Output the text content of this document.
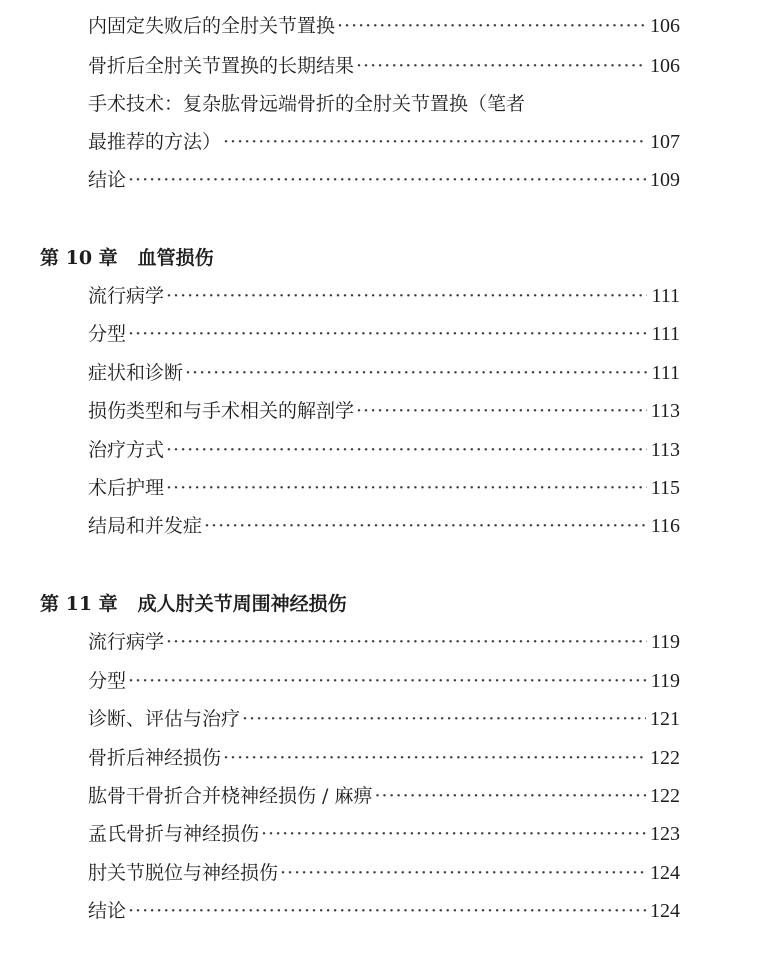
内固定失败后的全肘关节置换 ·····	106
骨折后全肘关节置换的长期结果 ·····	106
手术技术：复杂肱骨远端骨折的全肘关节置换（笔者
最推荐的方法） ·····	107
结论 ·····	109
第 10 章 血管损伤
流行病学 ·····	111
分型 ·····	111
症状和诊断 ·····	111
损伤类型和与手术相关的解剖学 ·····	113
治疗方式 ·····	113
术后护理 ·····	115
结局和并发症 ·····	116
第 11 章 成人肘关节周围神经损伤
流行病学 ·····	119
分型 ·····	119
诊断、评估与治疗 ·····	121
骨折后神经损伤 ·····	122
肱骨干骨折合并桡神经损伤 / 麻痹 ·····	122
孟氏骨折与神经损伤 ·····	123
肘关节脱位与神经损伤 ·····	124
结论 ·····	124
